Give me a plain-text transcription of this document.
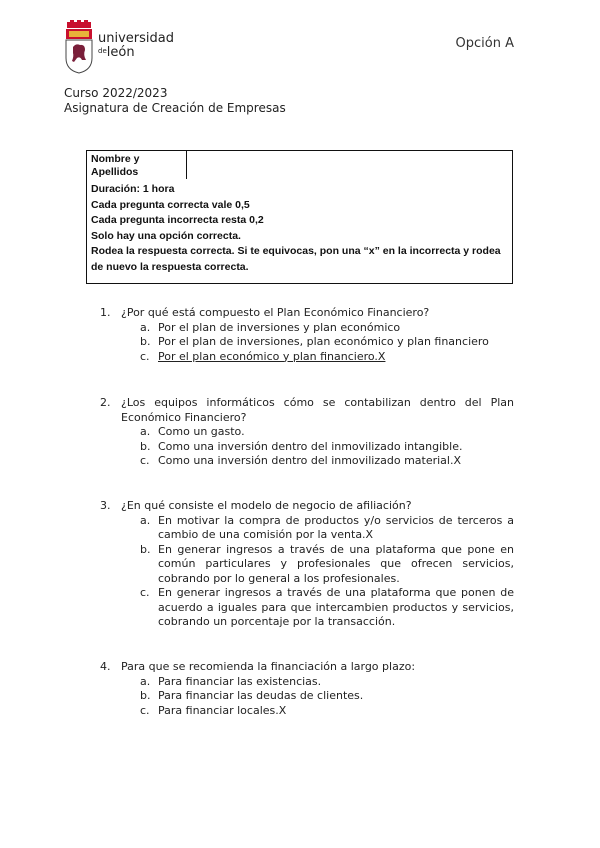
universidad
$^{de}$león
Opción A
Curso 2022/2023
Asignatura de Creación de Empresas
Nombre y Apellidos
Duración: 1 hora
Cada pregunta correcta vale 0,5
Cada pregunta incorrecta resta 0,2
Solo hay una opción correcta.
Rodea la respuesta correcta. Si te equivocas, pon una “x” en la incorrecta y rodea de nuevo la respuesta correcta.
1. ¿Por qué está compuesto el Plan Económico Financiero?
a. Por el plan de inversiones y plan económico
b. Por el plan de inversiones, plan económico y plan financiero
c. Por el plan económico y plan financiero.X
2. ¿Los equipos informáticos cómo se contabilizan dentro del Plan Económico Financiero?
a. Como un gasto.
b. Como una inversión dentro del inmovilizado intangible.
c. Como una inversión dentro del inmovilizado material.X
3. ¿En qué consiste el modelo de negocio de afiliación?
a. En motivar la compra de productos y/o servicios de terceros a cambio de una comisión por la venta.X
b. En generar ingresos a través de una plataforma que pone en común particulares y profesionales que ofrecen servicios, cobrando por lo general a los profesionales.
c. En generar ingresos a través de una plataforma que ponen de acuerdo a iguales para que intercambien productos y servicios, cobrando un porcentaje por la transacción.
4. Para que se recomienda la financiación a largo plazo:
a. Para financiar las existencias.
b. Para financiar las deudas de clientes.
c. Para financiar locales.X
